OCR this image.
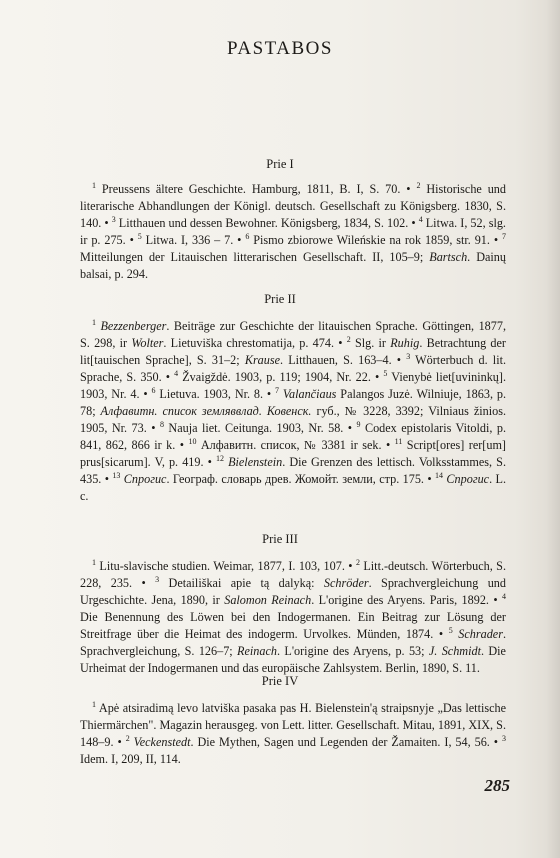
PASTABOS
Prie I
$^1$ Preussens ältere Geschichte. Hamburg, 1811, B. I, S. 70. • $^2$ Historische und literarische Abhandlungen der Königl. deutsch. Gesellschaft zu Königsberg. 1830, S. 140. • $^3$ Litthauen und dessen Bewohner. Königsberg, 1834, S. 102. • $^4$ Litwa. I, 52, slg. ir p. 275. • $^5$ Litwa. I, 336 – 7. • $^6$ Pismo zbiorowe Wileńskie na rok 1859, str. 91. • $^7$ Mitteilungen der Litauischen litterarischen Gesellschaft. II, 105–9; Bartsch. Dainų balsai, p. 294.
Prie II
$^1$ Bezzenberger. Beiträge zur Geschichte der litauischen Sprache. Göttingen, 1877, S. 298, ir Wolter. Lietuviška chrestomatija, p. 474. • $^2$ Slg. ir Ruhig. Betrachtung der lit[tauischen Sprache], S. 31–2; Krause. Litthauen, S. 163–4. • $^3$ Wörterbuch d. lit. Sprache, S. 350. • $^4$ Žvaigždė. 1903, p. 119; 1904, Nr. 22. • $^5$ Vienybė liet[uvininkų]. 1903, Nr. 4. • $^6$ Lietuva. 1903, Nr. 8. • $^7$ Valančiaus Palangos Juzė. Wilniuje, 1863, p. 78; Алфавитн. список земляввлад. Ковенск. губ., № 3228, 3392; Vilniaus žinios. 1905, Nr. 73. • $^8$ Nauja liet. Ceitunga. 1903, Nr. 58. • $^9$ Codex epistolaris Vitoldi, p. 841, 862, 866 ir k. • $^{10}$ Алфавитн. список, № 3381 ir sek. • $^{11}$ Script[ores] rer[um] prus[sicarum]. V, p. 419. • $^{12}$ Bielenstein. Die Grenzen des lettisch. Volksstammes, S. 435. • $^{13}$ Спрогис. Географ. словарь древ. Жомойт. земли, стр. 175. • $^{14}$ Спрогис. L. c.
Prie III
$^1$ Litu-slavische studien. Weimar, 1877, I. 103, 107. • $^2$ Litt.-deutsch. Wörterbuch, S. 228, 235. • $^3$ Detailiškai apie tą dalyką: Schröder. Sprachvergleichung und Urgeschichte. Jena, 1890, ir Salomon Reinach. L'origine des Aryens. Paris, 1892. • $^4$ Die Benennung des Löwen bei den Indogermanen. Ein Beitrag zur Lösung der Streitfrage über die Heimat des indogerm. Urvolkes. Münden, 1874. • $^5$ Schrader. Sprachvergleichung, S. 126–7; Reinach. L'origine des Aryens, p. 53; J. Schmidt. Die Urheimat der Indogermanen und das europäische Zahlsystem. Berlin, 1890, S. 11.
Prie IV
$^1$ Apė atsiradimą levo latviška pasaka pas H. Bielenstein'ą straipsnyje „Das lettische Thiermärchen". Magazin herausgeg. von Lett. litter. Gesellschaft. Mitau, 1891, XIX, S. 148–9. • $^2$ Veckenstedt. Die Mythen, Sagen und Legenden der Žamaiten. I, 54, 56. • $^3$ Idem. I, 209, II, 114.
285
